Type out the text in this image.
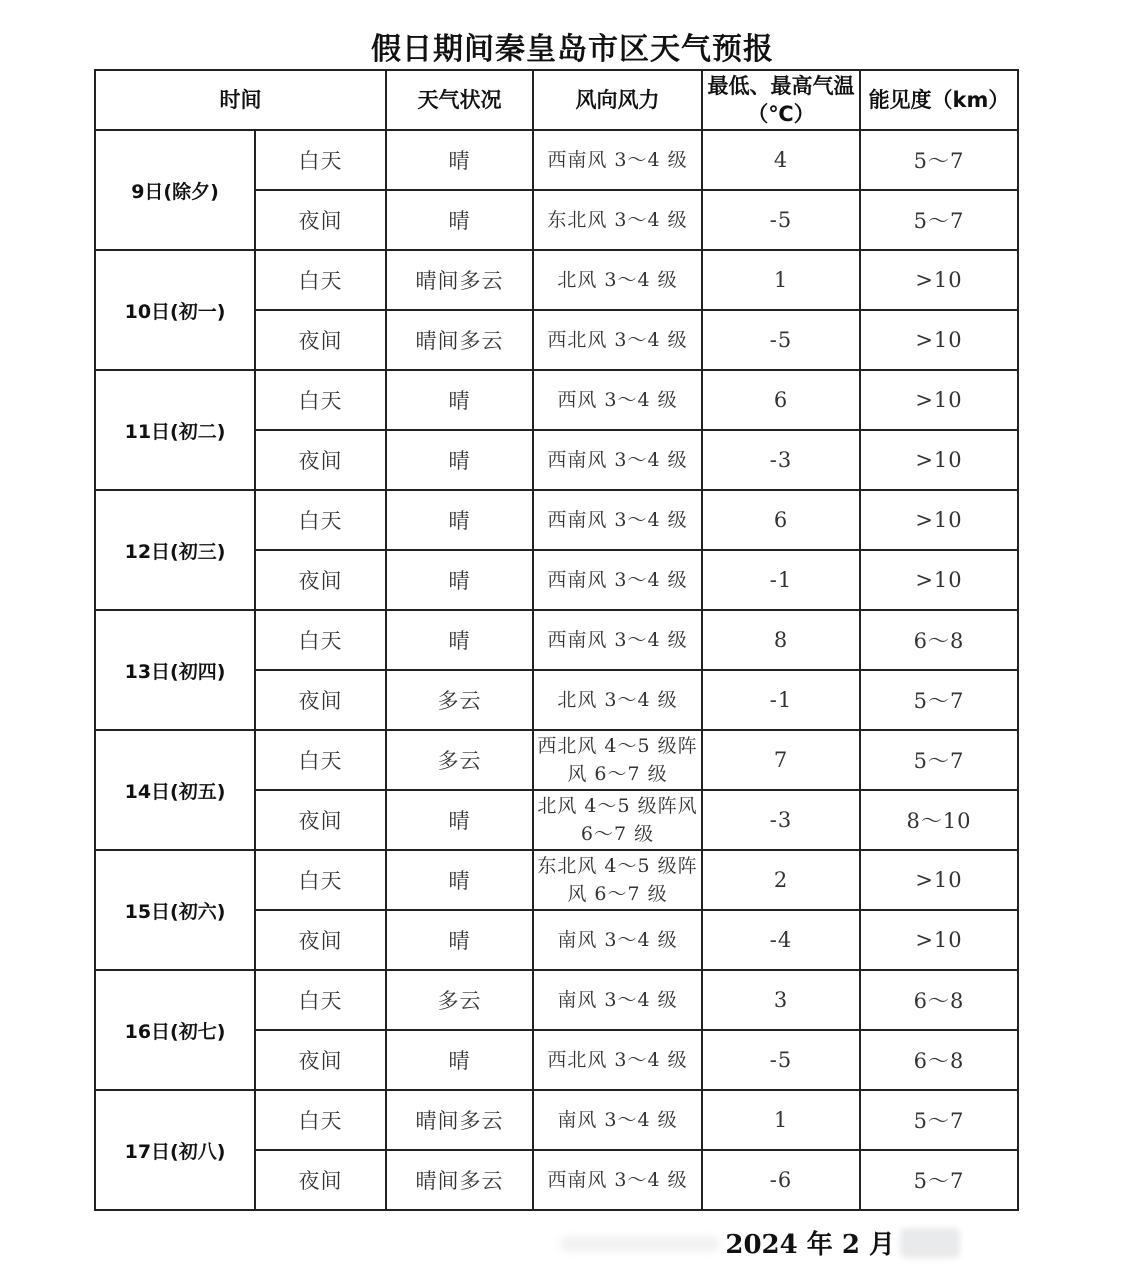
假日期间秦皇岛市区天气预报
时间		天气状况	风向风力	最低、最高气温（℃）	能见度（km）
9日(除夕)	白天	晴	西南风 3～4 级	4	5～7
	夜间	晴	东北风 3～4 级	-5	5～7
10日(初一)	白天	晴间多云	北风 3～4 级	1	>10
	夜间	晴间多云	西北风 3～4 级	-5	>10
11日(初二)	白天	晴	西风 3～4 级	6	>10
	夜间	晴	西南风 3～4 级	-3	>10
12日(初三)	白天	晴	西南风 3～4 级	6	>10
	夜间	晴	西南风 3～4 级	-1	>10
13日(初四)	白天	晴	西南风 3～4 级	8	6～8
	夜间	多云	北风 3～4 级	-1	5～7
14日(初五)	白天	多云	西北风 4～5 级阵风 6～7 级	7	5～7
	夜间	晴	北风 4～5 级阵风 6～7 级	-3	8～10
15日(初六)	白天	晴	东北风 4～5 级阵风 6～7 级	2	>10
	夜间	晴	南风 3～4 级	-4	>10
16日(初七)	白天	多云	南风 3～4 级	3	6～8
	夜间	晴	西北风 3～4 级	-5	6～8
17日(初八)	白天	晴间多云	南风 3～4 级	1	5～7
	夜间	晴间多云	西南风 3～4 级	-6	5～7
2024 年 2 月
